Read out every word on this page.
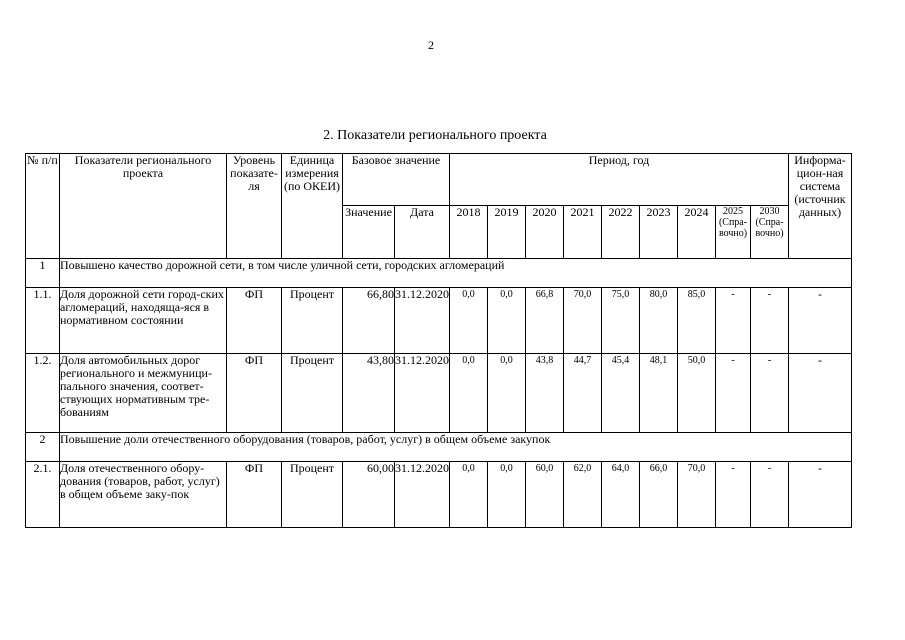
2
2. Показатели регионального проекта
№ п/п	Показатели регионального проекта	Уровень показате-ля	Единица измерения (по ОКЕИ)	Базовое значение		Период, год									Информа-цион-ная система (источник данных)
				Значение	Дата	2018	2019	2020	2021	2022	2023	2024	2025 (Спра-вочно)	2030 (Спра-вочно)	
1	Повышено качество дорожной сети, в том числе уличной сети, городских агломераций														
1.1.	Доля дорожной сети город-ских агломераций, находяща-яся в нормативном состоянии	ФП	Процент	66,80	31.12.2020	0,0	0,0	66,8	70,0	75,0	80,0	85,0	-	-	-
1.2.	Доля автомобильных дорог регионального и межмуници-пального значения, соответ-ствующих нормативным тре-бованиям	ФП	Процент	43,80	31.12.2020	0,0	0,0	43,8	44,7	45,4	48,1	50,0	-	-	-
2	Повышение доли отечественного оборудования (товаров, работ, услуг) в общем объеме закупок														
2.1.	Доля отечественного обору-дования (товаров, работ, услуг) в общем объеме заку-пок	ФП	Процент	60,00	31.12.2020	0,0	0,0	60,0	62,0	64,0	66,0	70,0	-	-	-
